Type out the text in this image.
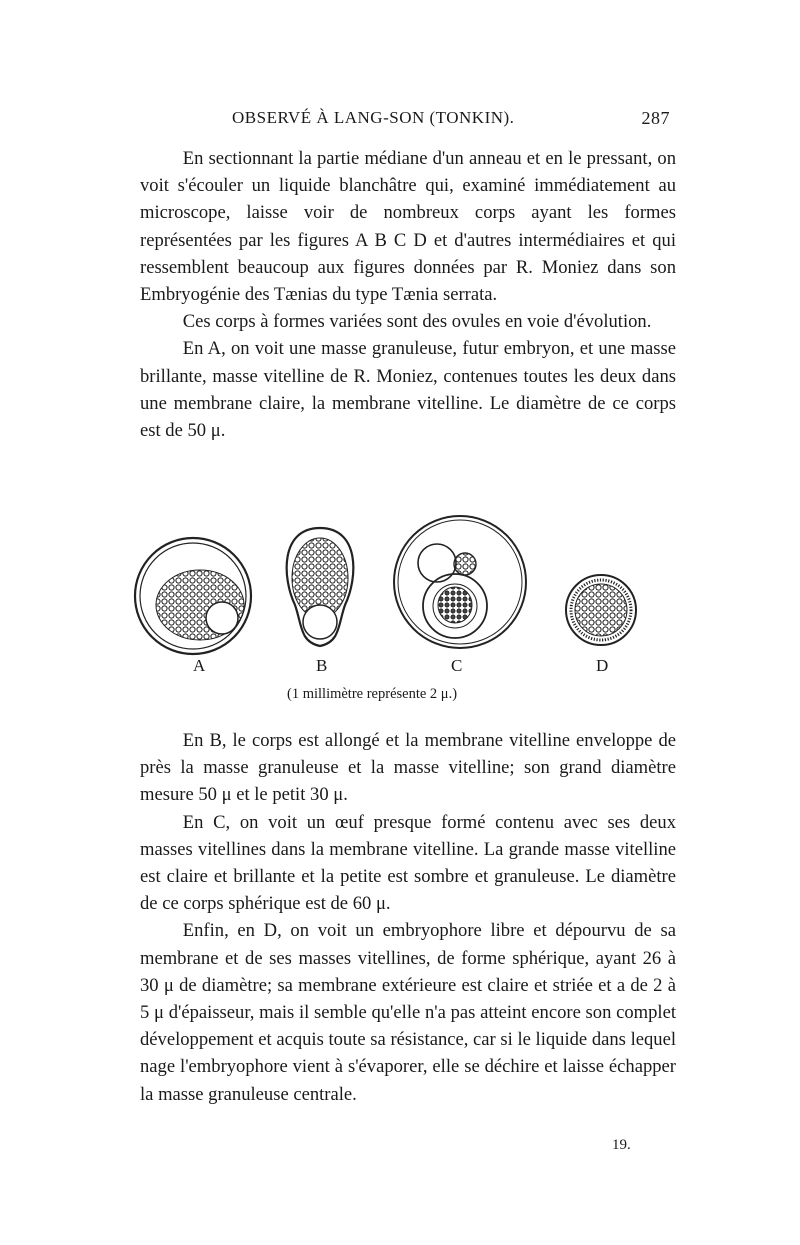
OBSERVÉ À LANG-SON (TONKIN).	287

En sectionnant la partie médiane d'un anneau et en le pressant, on voit s'écouler un liquide blanchâtre qui, examiné immédiatement au microscope, laisse voir de nombreux corps ayant les formes représentées par les figures A B C D et d'autres intermédiaires et qui ressemblent beaucoup aux figures données par R. Moniez dans son Embryogénie des Tænias du type Tænia serrata.

Ces corps à formes variées sont des ovules en voie d'évolution.

En A, on voit une masse granuleuse, futur embryon, et une masse brillante, masse vitelline de R. Moniez, contenues toutes les deux dans une membrane claire, la membrane vitelline. Le diamètre de ce corps est de 50 μ.

A	B	C	D
(1 millimètre représente 2 μ.)

En B, le corps est allongé et la membrane vitelline enveloppe de près la masse granuleuse et la masse vitelline; son grand diamètre mesure 50 μ et le petit 30 μ.

En C, on voit un œuf presque formé contenu avec ses deux masses vitellines dans la membrane vitelline. La grande masse vitelline est claire et brillante et la petite est sombre et granuleuse. Le diamètre de ce corps sphérique est de 60 μ.

Enfin, en D, on voit un embryophore libre et dépourvu de sa membrane et de ses masses vitellines, de forme sphérique, ayant 26 à 30 μ de diamètre; sa membrane extérieure est claire et striée et a de 2 à 5 μ d'épaisseur, mais il semble qu'elle n'a pas atteint encore son complet développement et acquis toute sa résistance, car si le liquide dans lequel nage l'embryophore vient à s'évaporer, elle se déchire et laisse échapper la masse granuleuse centrale.

19.
